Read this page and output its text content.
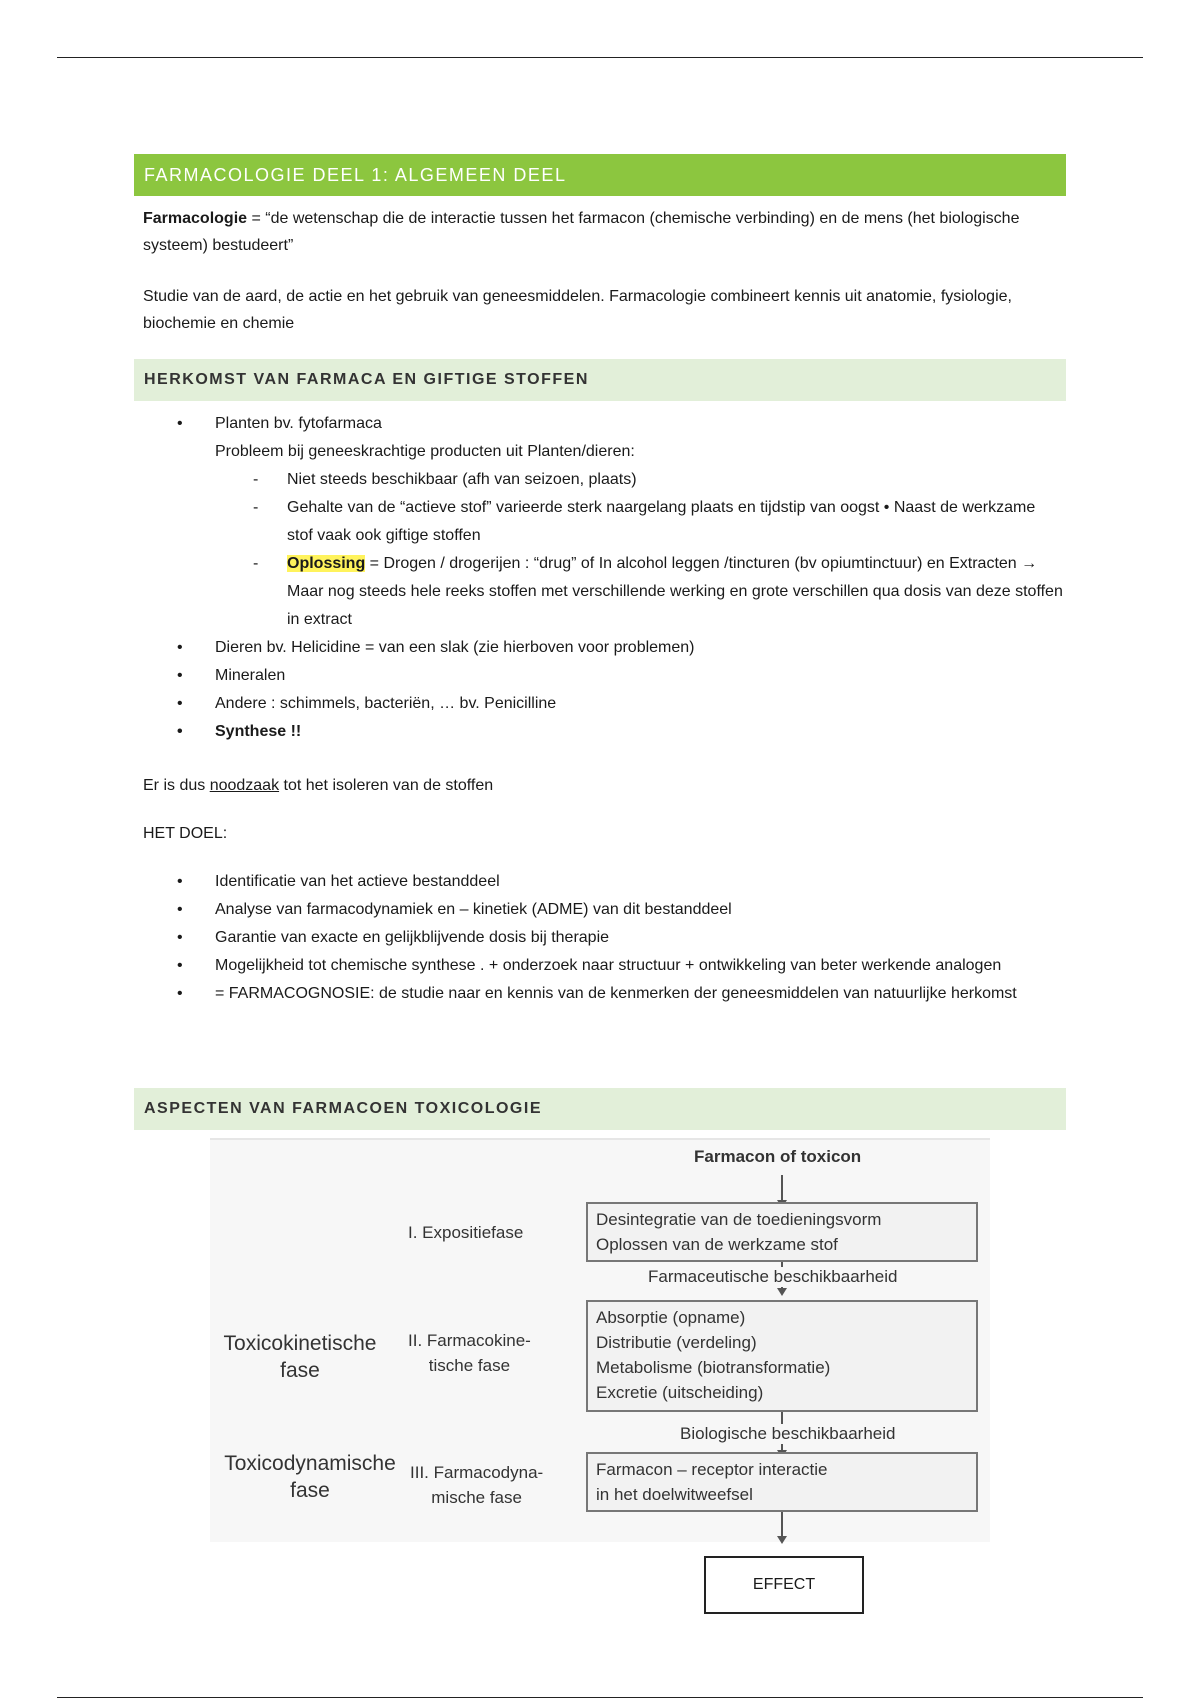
FARMACOLOGIE DEEL 1: ALGEMEEN DEEL
Farmacologie = “de wetenschap die de interactie tussen het farmacon (chemische verbinding) en de mens (het biologische systeem) bestudeert”
Studie van de aard, de actie en het gebruik van geneesmiddelen. Farmacologie combineert kennis uit anatomie, fysiologie, biochemie en chemie
HERKOMST VAN FARMACA EN GIFTIGE STOFFEN
• Planten bv. fytofarmaca
Probleem bij geneeskrachtige producten uit Planten/dieren:
- Niet steeds beschikbaar (afh van seizoen, plaats)
- Gehalte van de “actieve stof” varieerde sterk naargelang plaats en tijdstip van oogst • Naast de werkzame stof vaak ook giftige stoffen
- Oplossing = Drogen / drogerijen : “drug” of In alcohol leggen /tincturen (bv opiumtinctuur) en Extracten → Maar nog steeds hele reeks stoffen met verschillende werking en grote verschillen qua dosis van deze stoffen in extract
• Dieren bv. Helicidine = van een slak (zie hierboven voor problemen)
• Mineralen
• Andere : schimmels, bacteriën, … bv. Penicilline
• Synthese !!
Er is dus noodzaak tot het isoleren van de stoffen
HET DOEL:
• Identificatie van het actieve bestanddeel
• Analyse van farmacodynamiek en – kinetiek (ADME) van dit bestanddeel
• Garantie van exacte en gelijkblijvende dosis bij therapie
• Mogelijkheid tot chemische synthese . + onderzoek naar structuur + ontwikkeling van beter werkende analogen
• = FARMACOGNOSIE: de studie naar en kennis van de kenmerken der geneesmiddelen van natuurlijke herkomst
ASPECTEN VAN FARMACOEN TOXICOLOGIE
Farmacon of toxicon
I. Expositiefase
Desintegratie van de toedieningsvorm
Oplossen van de werkzame stof
Farmaceutische beschikbaarheid
Toxicokinetische
fase
II. Farmacokine-
tische fase
Absorptie (opname)
Distributie (verdeling)
Metabolisme (biotransformatie)
Excretie (uitscheiding)
Biologische beschikbaarheid
Toxicodynamische
fase
III. Farmacodyna-
mische fase
Farmacon – receptor interactie
in het doelwitweefsel
EFFECT
